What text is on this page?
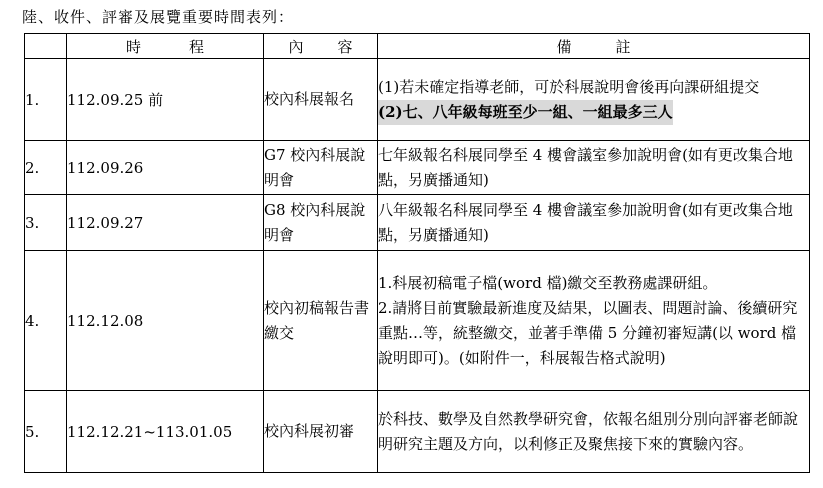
陸、收件、評審及展覽重要時間表列：

	時 程	內 容	備 註

1.	112.09.25 前	校內科展報名	(1)若未確定指導老師，可於科展說明會後再向課研組提交
(2)七、八年級每班至少一組、一組最多三人

2.	112.09.26	G7 校內科展說明會	七年級報名科展同學至 4 樓會議室參加說明會(如有更改集合地點，另廣播通知)

3.	112.09.27	G8 校內科展說明會	八年級報名科展同學至 4 樓會議室參加說明會(如有更改集合地點，另廣播通知)

4.	112.12.08	校內初稿報告書繳交	1.科展初稿電子檔(word 檔)繳交至教務處課研組。
2.請將目前實驗最新進度及結果，以圖表、問題討論、後續研究重點…等，統整繳交，並著手準備 5 分鐘初審短講(以 word 檔說明即可)。(如附件一，科展報告格式說明)

5.	112.12.21~113.01.05	校內科展初審	於科技、數學及自然教學研究會，依報名組別分別向評審老師說明研究主題及方向，以利修正及聚焦接下來的實驗內容。
